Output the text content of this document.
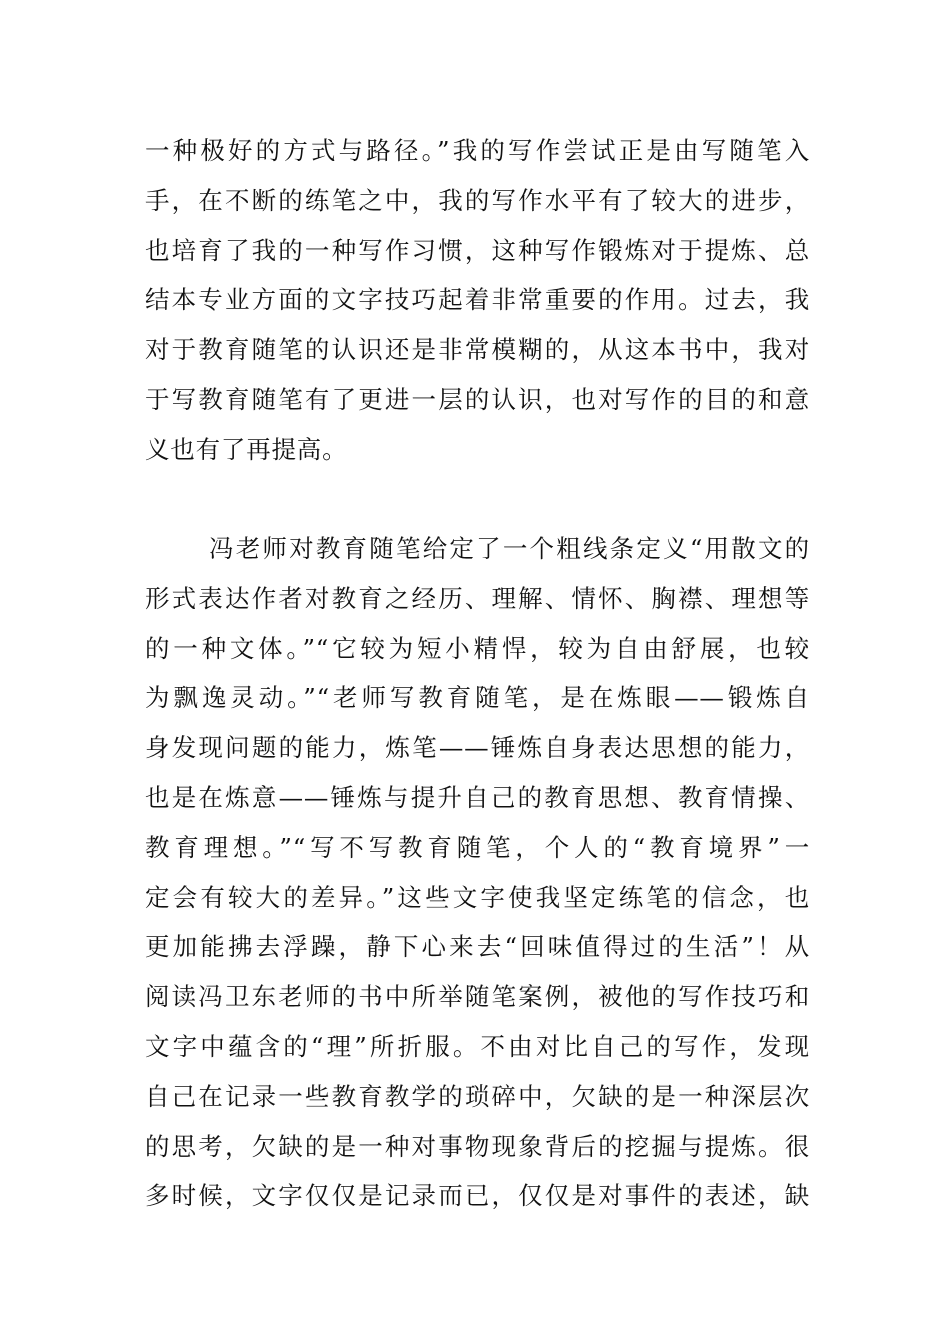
一种极好的方式与路径。”我的写作尝试正是由写随笔入
手，在不断的练笔之中，我的写作水平有了较大的进步，
也培育了我的一种写作习惯，这种写作锻炼对于提炼、总
结本专业方面的文字技巧起着非常重要的作用。过去，我
对于教育随笔的认识还是非常模糊的，从这本书中，我对
于写教育随笔有了更进一层的认识，也对写作的目的和意
义也有了再提高。
冯老师对教育随笔给定了一个粗线条定义“用散文的
形式表达作者对教育之经历、理解、情怀、胸襟、理想等
的一种文体。”“它较为短小精悍，较为自由舒展，也较
为飘逸灵动。”“老师写教育随笔，是在炼眼——锻炼自
身发现问题的能力，炼笔——锤炼自身表达思想的能力，
也是在炼意——锤炼与提升自己的教育思想、教育情操、
教育理想。”“写不写教育随笔，个人的“教育境界”一
定会有较大的差异。”这些文字使我坚定练笔的信念，也
更加能拂去浮躁，静下心来去“回味值得过的生活”！从
阅读冯卫东老师的书中所举随笔案例，被他的写作技巧和
文字中蕴含的“理”所折服。不由对比自己的写作，发现
自己在记录一些教育教学的琐碎中，欠缺的是一种深层次
的思考，欠缺的是一种对事物现象背后的挖掘与提炼。很
多时候，文字仅仅是记录而已，仅仅是对事件的表述，缺
